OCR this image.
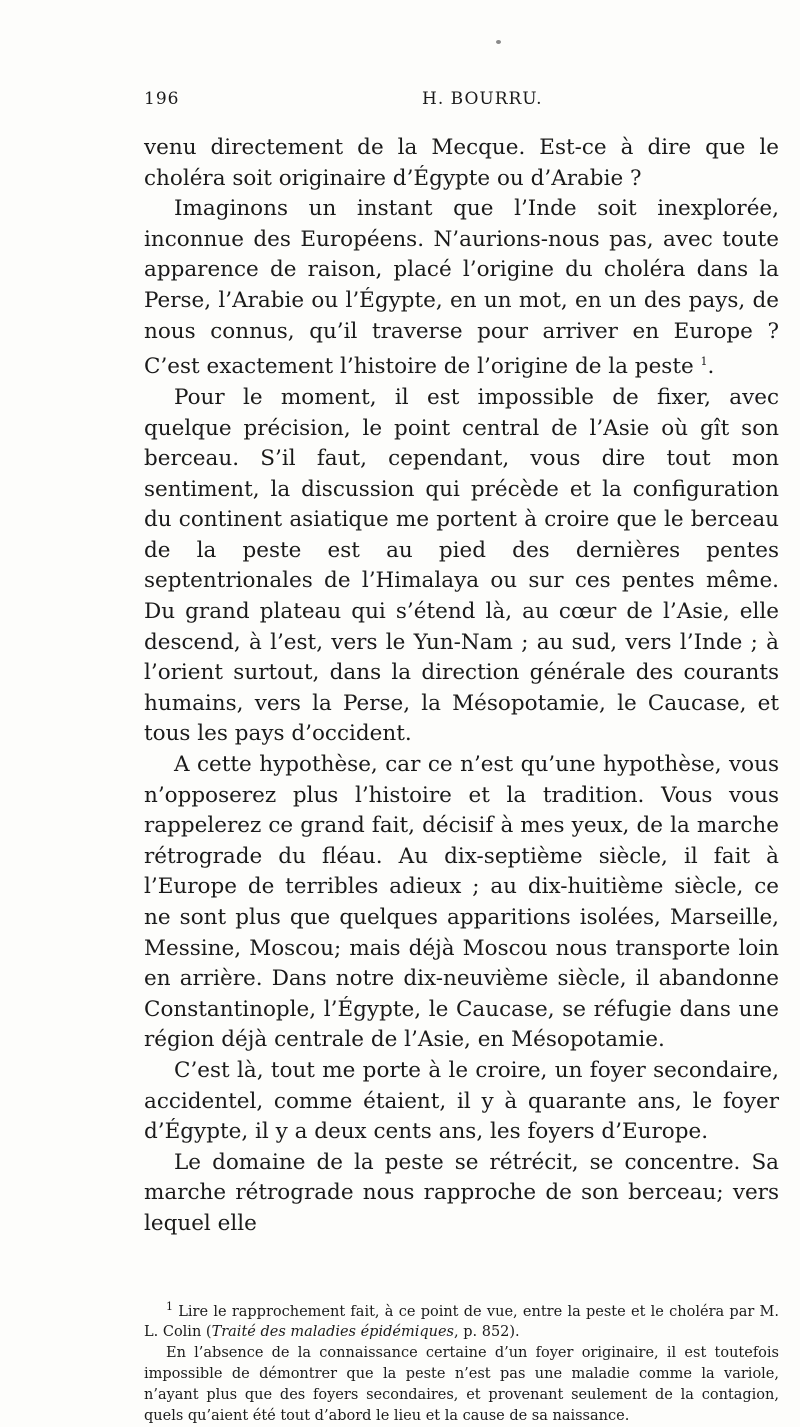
196	H. BOURRU.

venu directement de la Mecque. Est-ce à dire que le choléra soit originaire d’Égypte ou d’Arabie ?

Imaginons un instant que l’Inde soit inexplorée, inconnue des Européens. N’aurions-nous pas, avec toute apparence de raison, placé l’origine du choléra dans la Perse, l’Arabie ou l’Égypte, en un mot, en un des pays, de nous connus, qu’il traverse pour arriver en Europe ? C’est exactement l’histoire de l’origine de la peste $^1$.

Pour le moment, il est impossible de fixer, avec quelque précision, le point central de l’Asie où gît son berceau. S’il faut, cependant, vous dire tout mon sentiment, la discussion qui précède et la configuration du continent asiatique me portent à croire que le berceau de la peste est au pied des dernières pentes septentrionales de l’Himalaya ou sur ces pentes même. Du grand plateau qui s’étend là, au cœur de l’Asie, elle descend, à l’est, vers le Yun-Nam ; au sud, vers l’Inde ; à l’orient surtout, dans la direction générale des courants humains, vers la Perse, la Mésopotamie, le Caucase, et tous les pays d’occident.

A cette hypothèse, car ce n’est qu’une hypothèse, vous n’opposerez plus l’histoire et la tradition. Vous vous rappelerez ce grand fait, décisif à mes yeux, de la marche rétrograde du fléau. Au dix-septième siècle, il fait à l’Europe de terribles adieux ; au dix-huitième siècle, ce ne sont plus que quelques apparitions isolées, Marseille, Messine, Moscou; mais déjà Moscou nous transporte loin en arrière. Dans notre dix-neuvième siècle, il abandonne Constantinople, l’Égypte, le Caucase, se réfugie dans une région déjà centrale de l’Asie, en Mésopotamie.

C’est là, tout me porte à le croire, un foyer secondaire, accidentel, comme étaient, il y à quarante ans, le foyer d’Égypte, il y a deux cents ans, les foyers d’Europe.

Le domaine de la peste se rétrécit, se concentre. Sa marche rétrograde nous rapproche de son berceau; vers lequel elle

$^1$ Lire le rapprochement fait, à ce point de vue, entre la peste et le choléra par M. L. Colin (Traité des maladies épidémiques, p. 852).

En l’absence de la connaissance certaine d’un foyer originaire, il est toutefois impossible de démontrer que la peste n’est pas une maladie comme la variole, n’ayant plus que des foyers secondaires, et provenant seulement de la contagion, quels qu’aient été tout d’abord le lieu et la cause de sa naissance.
